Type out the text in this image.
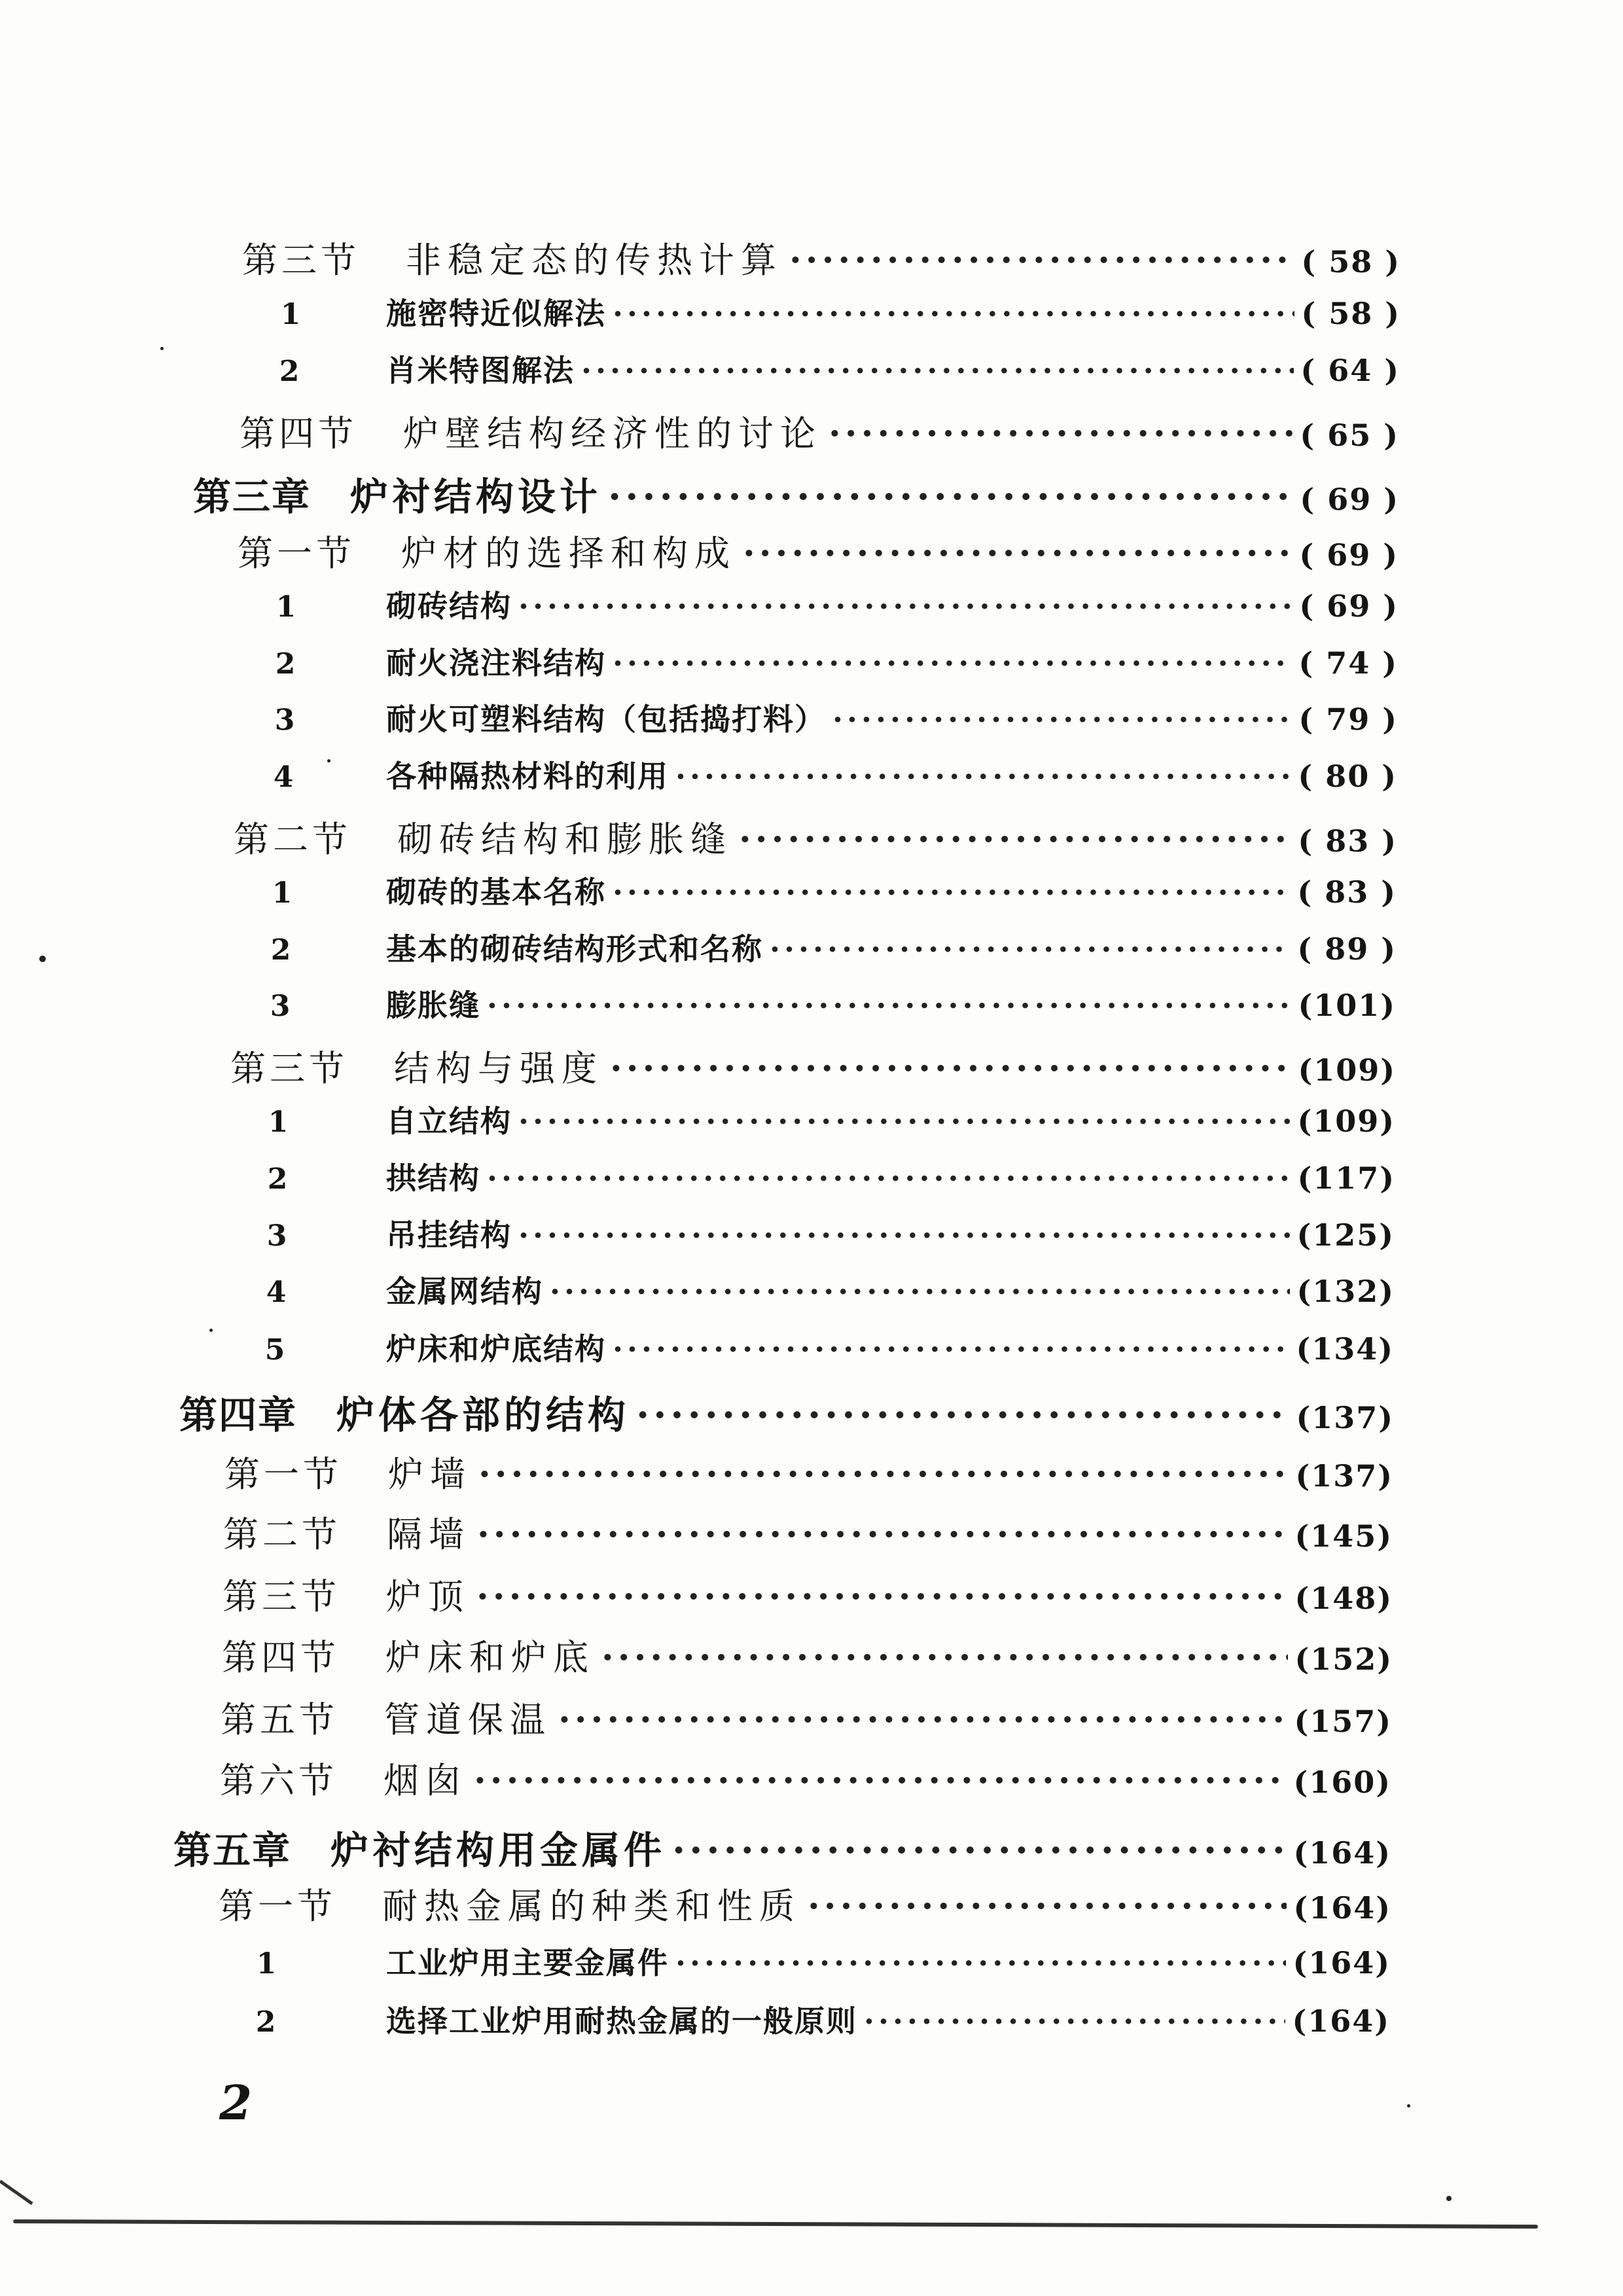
第三节 非稳定态的传热计算 ·····	( 58 )
1	施密特近似解法 ·····	( 58 )
2	肖米特图解法 ·····	( 64 )
第四节 炉壁结构经济性的讨论 ·····	( 65 )
第三章 炉衬结构设计 ·····	( 69 )
第一节 炉材的选择和构成 ·····	( 69 )
1	砌砖结构 ·····	( 69 )
2	耐火浇注料结构 ·····	( 74 )
3	耐火可塑料结构（包括捣打料） ·····	( 79 )
4	各种隔热材料的利用 ·····	( 80 )
第二节 砌砖结构和膨胀缝 ·····	( 83 )
1	砌砖的基本名称 ·····	( 83 )
2	基本的砌砖结构形式和名称 ·····	( 89 )
3	膨胀缝 ·····	(101)
第三节 结构与强度 ·····	(109)
1	自立结构 ·····	(109)
2	拱结构 ·····	(117)
3	吊挂结构 ·····	(125)
4	金属网结构 ·····	(132)
5	炉床和炉底结构 ·····	(134)
第四章 炉体各部的结构 ·····	(137)
第一节 炉墙 ·····	(137)
第二节 隔墙 ·····	(145)
第三节 炉顶 ·····	(148)
第四节 炉床和炉底 ·····	(152)
第五节 管道保温 ·····	(157)
第六节 烟囱 ·····	(160)
第五章 炉衬结构用金属件 ·····	(164)
第一节 耐热金属的种类和性质 ·····	(164)
1	工业炉用主要金属件 ·····	(164)
2	选择工业炉用耐热金属的一般原则 ·····	(164)
2
